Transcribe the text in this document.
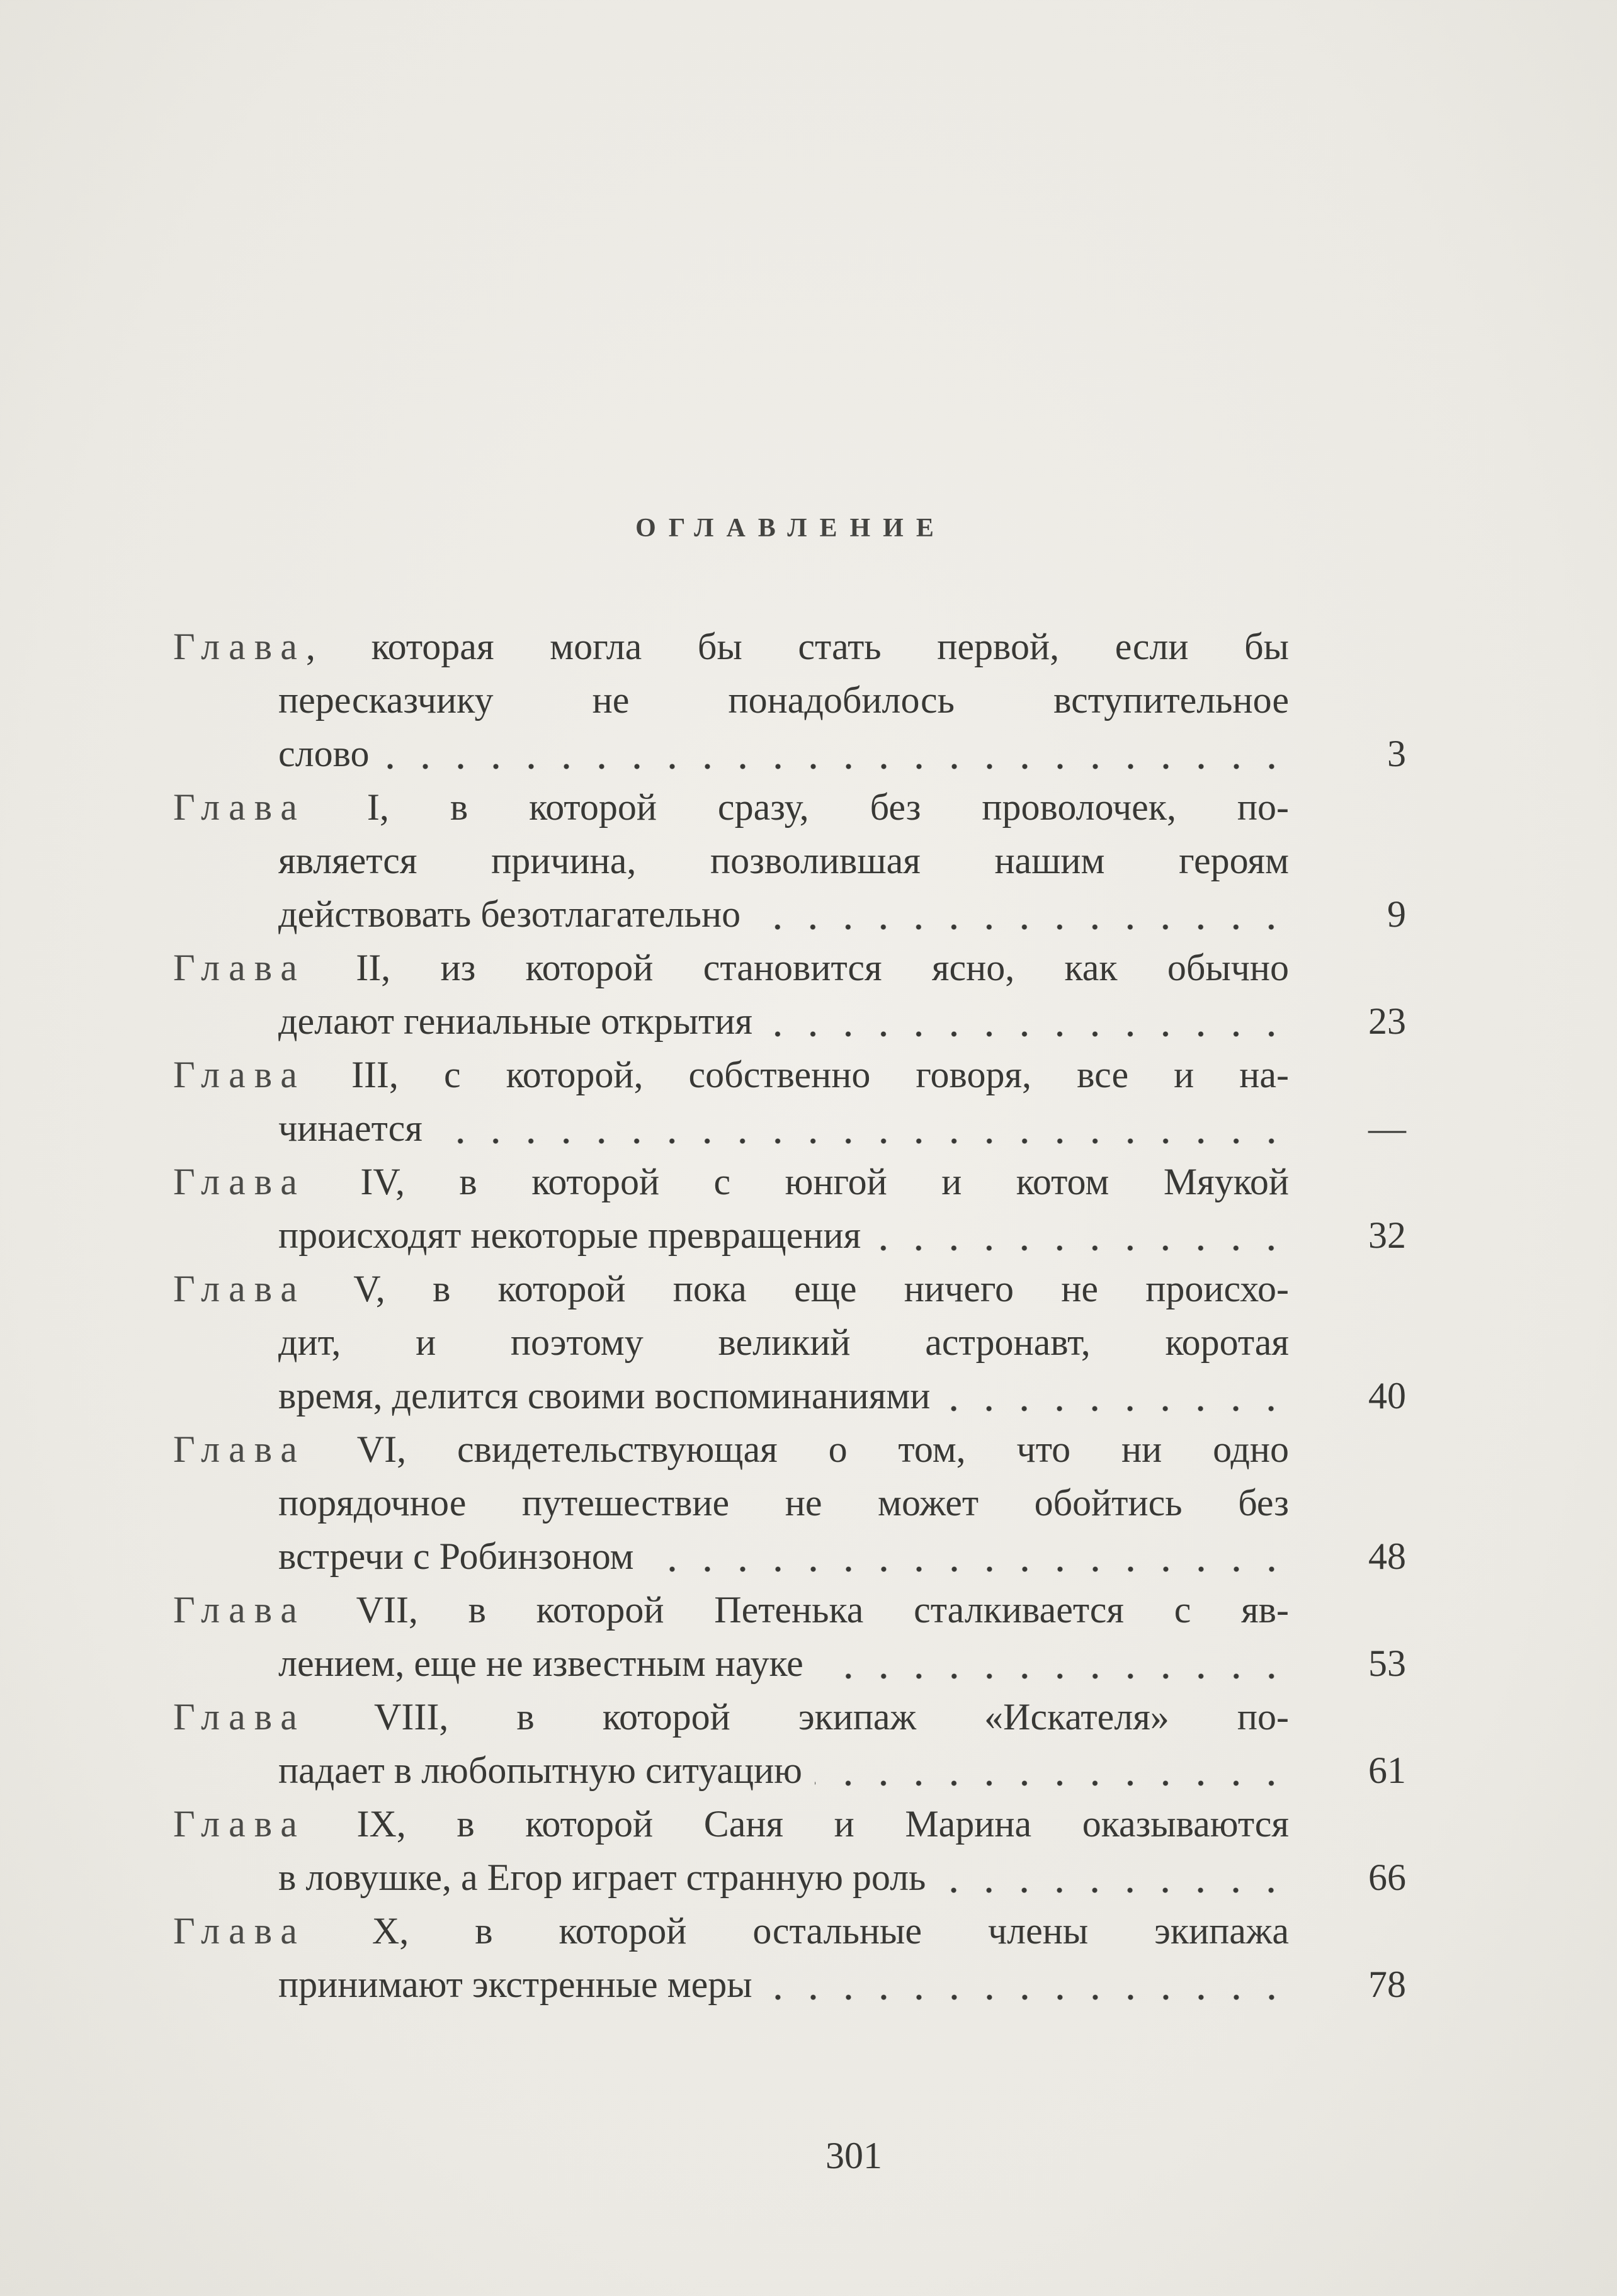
ОГЛАВЛЕНИЕ
Глава, которая могла бы стать первой, если бы
пересказчику не понадобилось вступительное
слово	3
Глава I, в которой сразу, без проволочек, по-
является причина, позволившая нашим героям
действовать безотлагательно	9
Глава II, из которой становится ясно, как обычно
делают гениальные открытия	23
Глава III, с которой, собственно говоря, все и на-
чинается	—
Глава IV, в которой с юнгой и котом Мяукой
происходят некоторые превращения	32
Глава V, в которой пока еще ничего не происхо-
дит, и поэтому великий астронавт, коротая
время, делится своими воспоминаниями	40
Глава VI, свидетельствующая о том, что ни одно
порядочное путешествие не может обойтись без
встречи с Робинзоном	48
Глава VII, в которой Петенька сталкивается с яв-
лением, еще не известным науке	53
Глава VIII, в которой экипаж «Искателя» по-
падает в любопытную ситуацию	61
Глава IX, в которой Саня и Марина оказываются
в ловушке, а Егор играет странную роль	66
Глава X, в которой остальные члены экипажа
принимают экстренные меры	78
301
